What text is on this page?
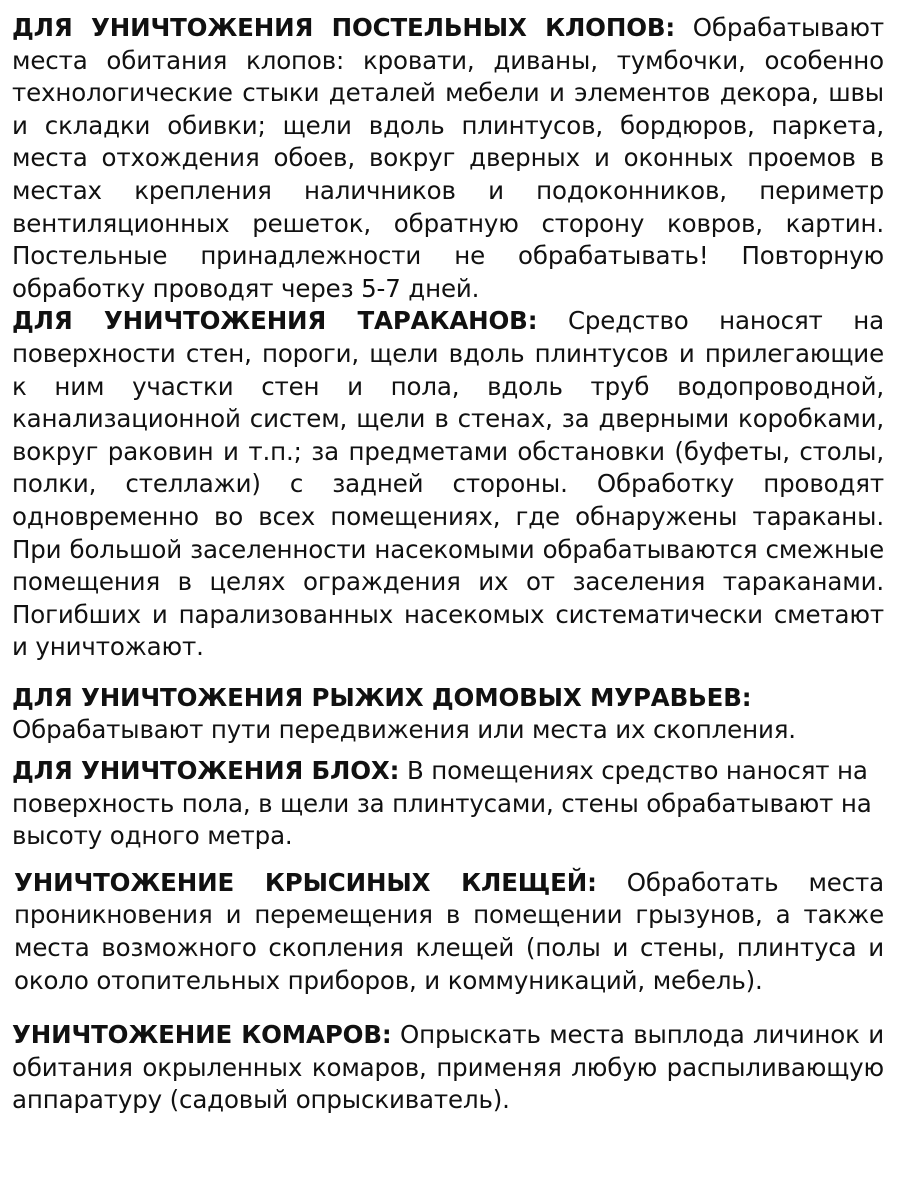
ДЛЯ УНИЧТОЖЕНИЯ ПОСТЕЛЬНЫХ КЛОПОВ: Обрабатывают места обитания клопов: кровати, диваны, тумбочки, особенно технологические стыки деталей мебели и элементов декора, швы и складки обивки; щели вдоль плинтусов, бордюров, паркета, места отхождения обоев, вокруг дверных и оконных проемов в местах крепления наличников и подоконников, периметр вентиляционных решеток, обратную сторону ковров, картин. Постельные принадлежности не обрабатывать! Повторную обработку проводят через 5-7 дней.

ДЛЯ УНИЧТОЖЕНИЯ ТАРАКАНОВ: Средство наносят на поверхности стен, пороги, щели вдоль плинтусов и прилегающие к ним участки стен и пола, вдоль труб водопроводной, канализационной систем, щели в стенах, за дверными коробками, вокруг раковин и т.п.; за предметами обстановки (буфеты, столы, полки, стеллажи) с задней стороны. Обработку проводят одновременно во всех помещениях, где обнаружены тараканы. При большой заселенности насекомыми обрабатываются смежные помещения в целях ограждения их от заселения тараканами. Погибших и парализованных насекомых систематически сметают и уничтожают.

ДЛЯ УНИЧТОЖЕНИЯ РЫЖИХ ДОМОВЫХ МУРАВЬЕВ:
Обрабатывают пути передвижения или места их скопления.

ДЛЯ УНИЧТОЖЕНИЯ БЛОХ: В помещениях средство наносят на поверхность пола, в щели за плинтусами, стены обрабатывают на высоту одного метра.

УНИЧТОЖЕНИЕ КРЫСИНЫХ КЛЕЩЕЙ: Обработать места проникновения и перемещения в помещении грызунов, а также места возможного скопления клещей (полы и стены, плинтуса и около отопительных приборов, и коммуникаций, мебель).

УНИЧТОЖЕНИЕ КОМАРОВ: Опрыскать места выплода личинок и обитания окрыленных комаров, применяя любую распыливающую аппаратуру (садовый опрыскиватель).
